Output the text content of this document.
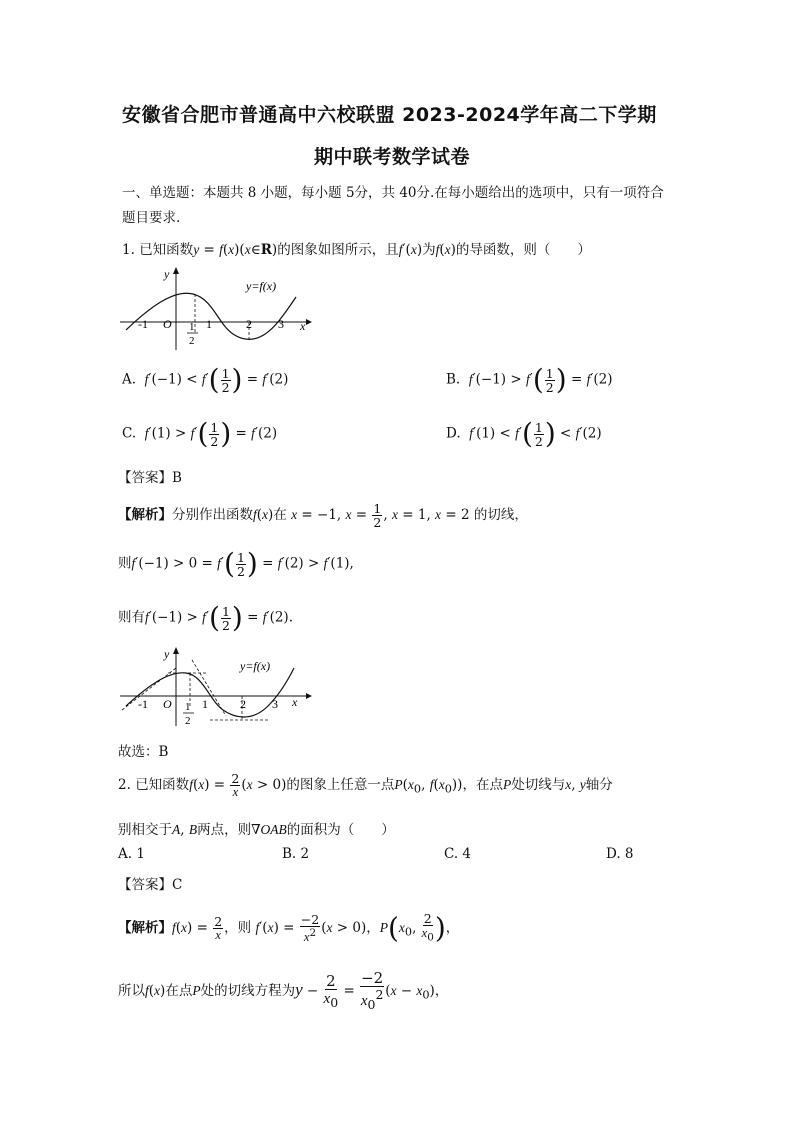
安徽省合肥市普通高中六校联盟 2023-2024学年高二下学期
期中联考数学试卷
一、单选题：本题共 8 小题，每小题 5分，共 40分.在每小题给出的选项中，只有一项符合
题目要求.
1. 已知函数y = f(x)(x∈R)的图象如图所示，且f′(x)为f(x)的导函数，则（　　）
-1 O 1
2
1	2 3 x
y
y=f(x)
A. $f'(-1) < f'( \frac{1}{2}$ ) = f′(2)	B. $f'(-1) > f'( \frac{1}{2}$ ) = f′(2)
C. $f'(1) > f'( \frac{1}{2}$ ) = f′(2)	D. $f'(1) < f'( \frac{1}{2}$ ) < f′(2)
【答案】B
【解析】分别作出函数f(x)在 x = −1, $x = \frac{1}{2}$ , x = 1, x = 2 的切线，
则$f'(-1) > 0 = f'( \frac{1}{2}$ ) = f′(2) > f′(1),
则有$f'(-1) > f'( \frac{1}{2}$ ) = f′(2).
-1 O 1
2
1	2 3 x
y
y=f(x)
故选：B
2. 已知函数$f(x) = \frac{2}{x} (x > 0)$的图象上任意一点$P(x_0$, $f(x_0)$)，在点P处切线与x, y轴分
别相交于A, B两点，则∇OAB的面积为（　　）
A. 1	B. 2	C. 4	D. 8
【答案】C
【解析】$f(x) = \frac{2}{x}$ ，则 $f'(x) = \frac{-2}{x^2} (x > 0)$，$P(x_0$, $\frac{2}{x_0}$ )，
所以f(x)在点P处的切线方程为$y - \frac{2}{x_0} = \frac{-2}{x_0^2} (x - x_0)$，
